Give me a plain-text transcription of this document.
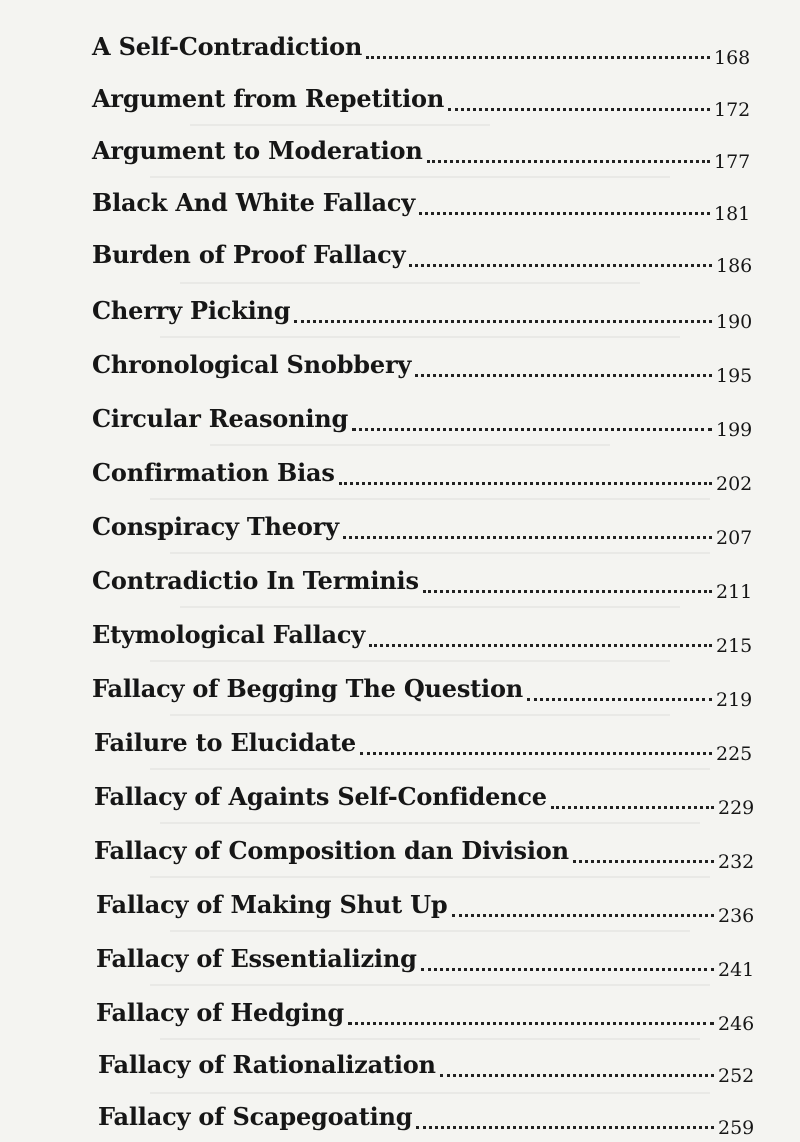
A Self-Contradiction	168
Argument from Repetition	172
Argument to Moderation	177
Black And White Fallacy	181
Burden of Proof Fallacy	186
Cherry Picking	190
Chronological Snobbery	195
Circular Reasoning	199
Confirmation Bias	202
Conspiracy Theory	207
Contradictio In Terminis	211
Etymological Fallacy	215
Fallacy of Begging The Question	219
Failure to Elucidate	225
Fallacy of Againts Self-Confidence	229
Fallacy of Composition dan Division	232
Fallacy of Making Shut Up	236
Fallacy of Essentializing	241
Fallacy of Hedging	246
Fallacy of Rationalization	252
Fallacy of Scapegoating	259
